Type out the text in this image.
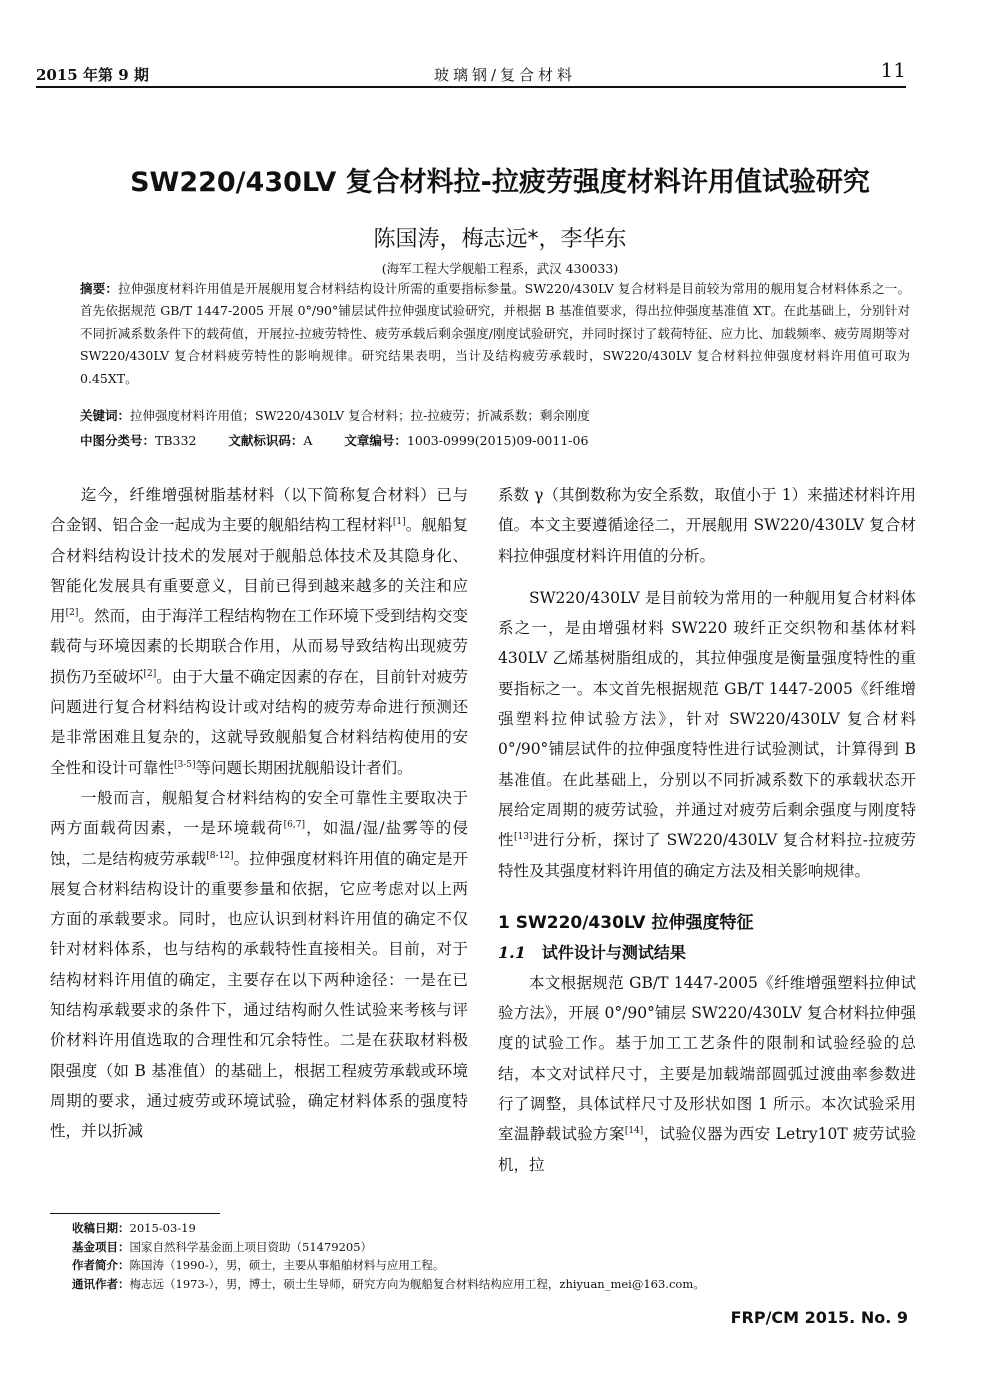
2015 年第 9 期	玻璃钢/复合材料	11
SW220/430LV 复合材料拉-拉疲劳强度材料许用值试验研究
陈国涛，梅志远*，李华东
(海军工程大学舰船工程系，武汉 430033)
摘要：拉伸强度材料许用值是开展舰用复合材料结构设计所需的重要指标参量。SW220/430LV 复合材料是目前较为常用的舰用复合材料体系之一。首先依据规范 GB/T 1447-2005 开展 0°/90°铺层试件拉伸强度试验研究，并根据 B 基准值要求，得出拉伸强度基准值 XT。在此基础上，分别针对不同折减系数条件下的载荷值，开展拉-拉疲劳特性、疲劳承载后剩余强度/刚度试验研究，并同时探讨了载荷特征、应力比、加载频率、疲劳周期等对 SW220/430LV 复合材料疲劳特性的影响规律。研究结果表明，当计及结构疲劳承载时，SW220/430LV 复合材料拉伸强度材料许用值可取为 0.45XT。
关键词：拉伸强度材料许用值；SW220/430LV 复合材料；拉-拉疲劳；折减系数；剩余刚度
中图分类号：TB332	文献标识码：A	文章编号：1003-0999(2015)09-0011-06

迄今，纤维增强树脂基材料（以下简称复合材料）已与合金钢、铝合金一起成为主要的舰船结构工程材料[1]。舰船复合材料结构设计技术的发展对于舰船总体技术及其隐身化、智能化发展具有重要意义，目前已得到越来越多的关注和应用[2]。然而，由于海洋工程结构物在工作环境下受到结构交变载荷与环境因素的长期联合作用，从而易导致结构出现疲劳损伤乃至破坏[2]。由于大量不确定因素的存在，目前针对疲劳问题进行复合材料结构设计或对结构的疲劳寿命进行预测还是非常困难且复杂的，这就导致舰船复合材料结构使用的安全性和设计可靠性[3-5]等问题长期困扰舰船设计者们。

一般而言，舰船复合材料结构的安全可靠性主要取决于两方面载荷因素，一是环境载荷[6,7]，如温/湿/盐雾等的侵蚀，二是结构疲劳承载[8-12]。拉伸强度材料许用值的确定是开展复合材料结构设计的重要参量和依据，它应考虑对以上两方面的承载要求。同时，也应认识到材料许用值的确定不仅针对材料体系，也与结构的承载特性直接相关。目前，对于结构材料许用值的确定，主要存在以下两种途径：一是在已知结构承载要求的条件下，通过结构耐久性试验来考核与评价材料许用值选取的合理性和冗余特性。二是在获取材料极限强度（如 B 基准值）的基础上，根据工程疲劳承载或环境周期的要求，通过疲劳或环境试验，确定材料体系的强度特性，并以折减

系数 γ（其倒数称为安全系数，取值小于 1）来描述材料许用值。本文主要遵循途径二，开展舰用 SW220/430LV 复合材料拉伸强度材料许用值的分析。

SW220/430LV 是目前较为常用的一种舰用复合材料体系之一，是由增强材料 SW220 玻纤正交织物和基体材料 430LV 乙烯基树脂组成的，其拉伸强度是衡量强度特性的重要指标之一。本文首先根据规范 GB/T 1447-2005《纤维增强塑料拉伸试验方法》，针对 SW220/430LV 复合材料 0°/90°铺层试件的拉伸强度特性进行试验测试，计算得到 B 基准值。在此基础上，分别以不同折减系数下的承载状态开展给定周期的疲劳试验，并通过对疲劳后剩余强度与刚度特性[13]进行分析，探讨了 SW220/430LV 复合材料拉-拉疲劳特性及其强度材料许用值的确定方法及相关影响规律。

1 SW220/430LV 拉伸强度特征
1.1 试件设计与测试结果

本文根据规范 GB/T 1447-2005《纤维增强塑料拉伸试验方法》，开展 0°/90°铺层 SW220/430LV 复合材料拉伸强度的试验工作。基于加工工艺条件的限制和试验经验的总结，本文对试样尺寸，主要是加载端部圆弧过渡曲率参数进行了调整，具体试样尺寸及形状如图 1 所示。本次试验采用室温静载试验方案[14]，试验仪器为西安 Letry10T 疲劳试验机，拉

收稿日期：2015-03-19
基金项目：国家自然科学基金面上项目资助（51479205）
作者简介：陈国涛（1990-），男，硕士，主要从事船舶材料与应用工程。
通讯作者：梅志远（1973-），男，博士，硕士生导师，研究方向为舰船复合材料结构应用工程，zhiyuan_mei@163.com。
FRP/CM 2015. No. 9
